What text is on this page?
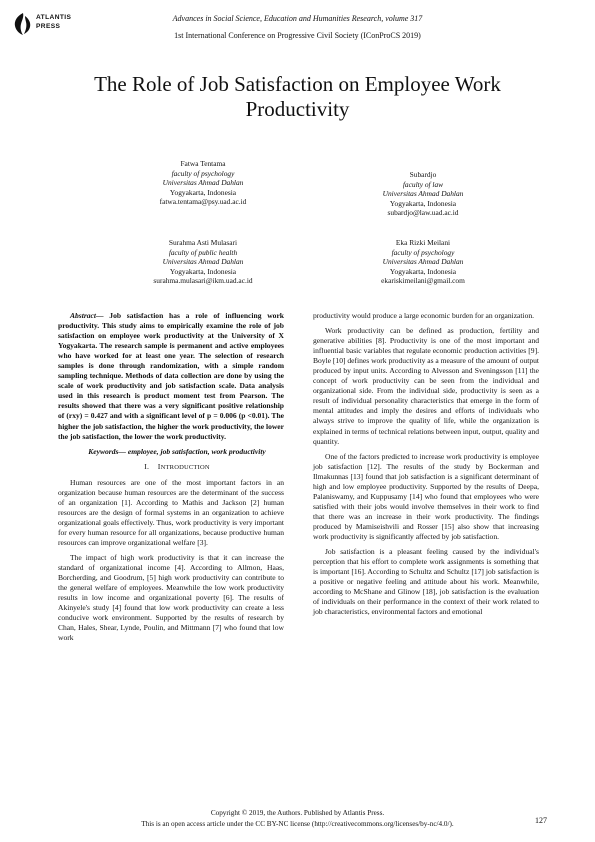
ATLANTIS
PRESS
Advances in Social Science, Education and Humanities Research, volume 317
1st International Conference on Progressive Civil Society (IConProCS 2019)
The Role of Job Satisfaction on Employee Work Productivity
Fatwa Tentama
faculty of psychology
Universitas Ahmad Dahlan
Yogyakarta, Indonesia
fatwa.tentama@psy.uad.ac.id
Subardjo
faculty of law
Universitas Ahmad Dahlan
Yogyakarta, Indonesia
subardjo@law.uad.ac.id
Surahma Asti Mulasari
faculty of public health
Universitas Ahmad Dahlan
Yogyakarta, Indonesia
surahma.mulasari@ikm.uad.ac.id
Eka Rizki Meilani
faculty of psychology
Universitas Ahmad Dahlan
Yogyakarta, Indonesia
ekariskimeilani@gmail.com

Abstract— Job satisfaction has a role of influencing work productivity. This study aims to empirically examine the role of job satisfaction on employee work productivity at the University of X Yogyakarta. The research sample is permanent and active employees who have worked for at least one year. The selection of research samples is done through randomization, with a simple random sampling technique. Methods of data collection are done by using the scale of work productivity and job satisfaction scale. Data analysis used in this research is product moment test from Pearson. The results showed that there was a very significant positive relationship of (rxy) = 0.427 and with a significant level of p = 0.006 (p <0.01). The higher the job satisfaction, the higher the work productivity, the lower the job satisfaction, the lower the work productivity.

Keywords— employee, job satisfaction, work productivity

I. INTRODUCTION

Human resources are one of the most important factors in an organization because human resources are the determinant of the success of an organization [1]. According to Mathis and Jackson [2] human resources are the design of formal systems in an organization to achieve organizational goals effectively. Thus, work productivity is very important for every human resource for all organizations, because productive human resources can improve organizational welfare [3].

The impact of high work productivity is that it can increase the standard of organizational income [4]. According to Allmon, Haas, Borcherding, and Goodrum, [5] high work productivity can contribute to the general welfare of employees. Meanwhile the low work productivity results in low income and organizational poverty [6]. The results of Akinyele's study [4] found that low work productivity can create a less conducive work environment. Supported by the results of research by Chan, Hales, Shear, Lynde, Poulin, and Mittmann [7] who found that low work

productivity would produce a large economic burden for an organization.

Work productivity can be defined as production, fertility and generative abilities [8]. Productivity is one of the most important and influential basic variables that regulate economic production activities [9]. Boyle [10] defines work productivity as a measure of the amount of output produced by input units. According to Alvesson and Sveningsson [11] the concept of work productivity can be seen from the individual and organizational side. From the individual side, productivity is seen as a result of individual personality characteristics that emerge in the form of mental attitudes and imply the desires and efforts of individuals who always strive to improve the quality of life, while the organization is explained in terms of technical relations between input, output, quality and quantity.

One of the factors predicted to increase work productivity is employee job satisfaction [12]. The results of the study by Bockerman and Ilmakunnas [13] found that job satisfaction is a significant determinant of high and low employee productivity. Supported by the results of Deepa, Palaniswamy, and Kuppusamy [14] who found that employees who were satisfied with their jobs would involve themselves in their work to find that there was an increase in their work productivity. The findings produced by Mamiseishvili and Rosser [15] also show that increasing work productivity is significantly affected by job satisfaction.

Job satisfaction is a pleasant feeling caused by the individual's perception that his effort to complete work assignments is something that is important [16]. According to Schultz and Schultz [17] job satisfaction is a positive or negative feeling and attitude about his work. Meanwhile, according to McShane and Glinow [18], job satisfaction is the evaluation of individuals on their performance in the context of their work related to job characteristics, environmental factors and emotional

Copyright © 2019, the Authors. Published by Atlantis Press.
This is an open access article under the CC BY-NC license (http://creativecommons.org/licenses/by-nc/4.0/).	127
